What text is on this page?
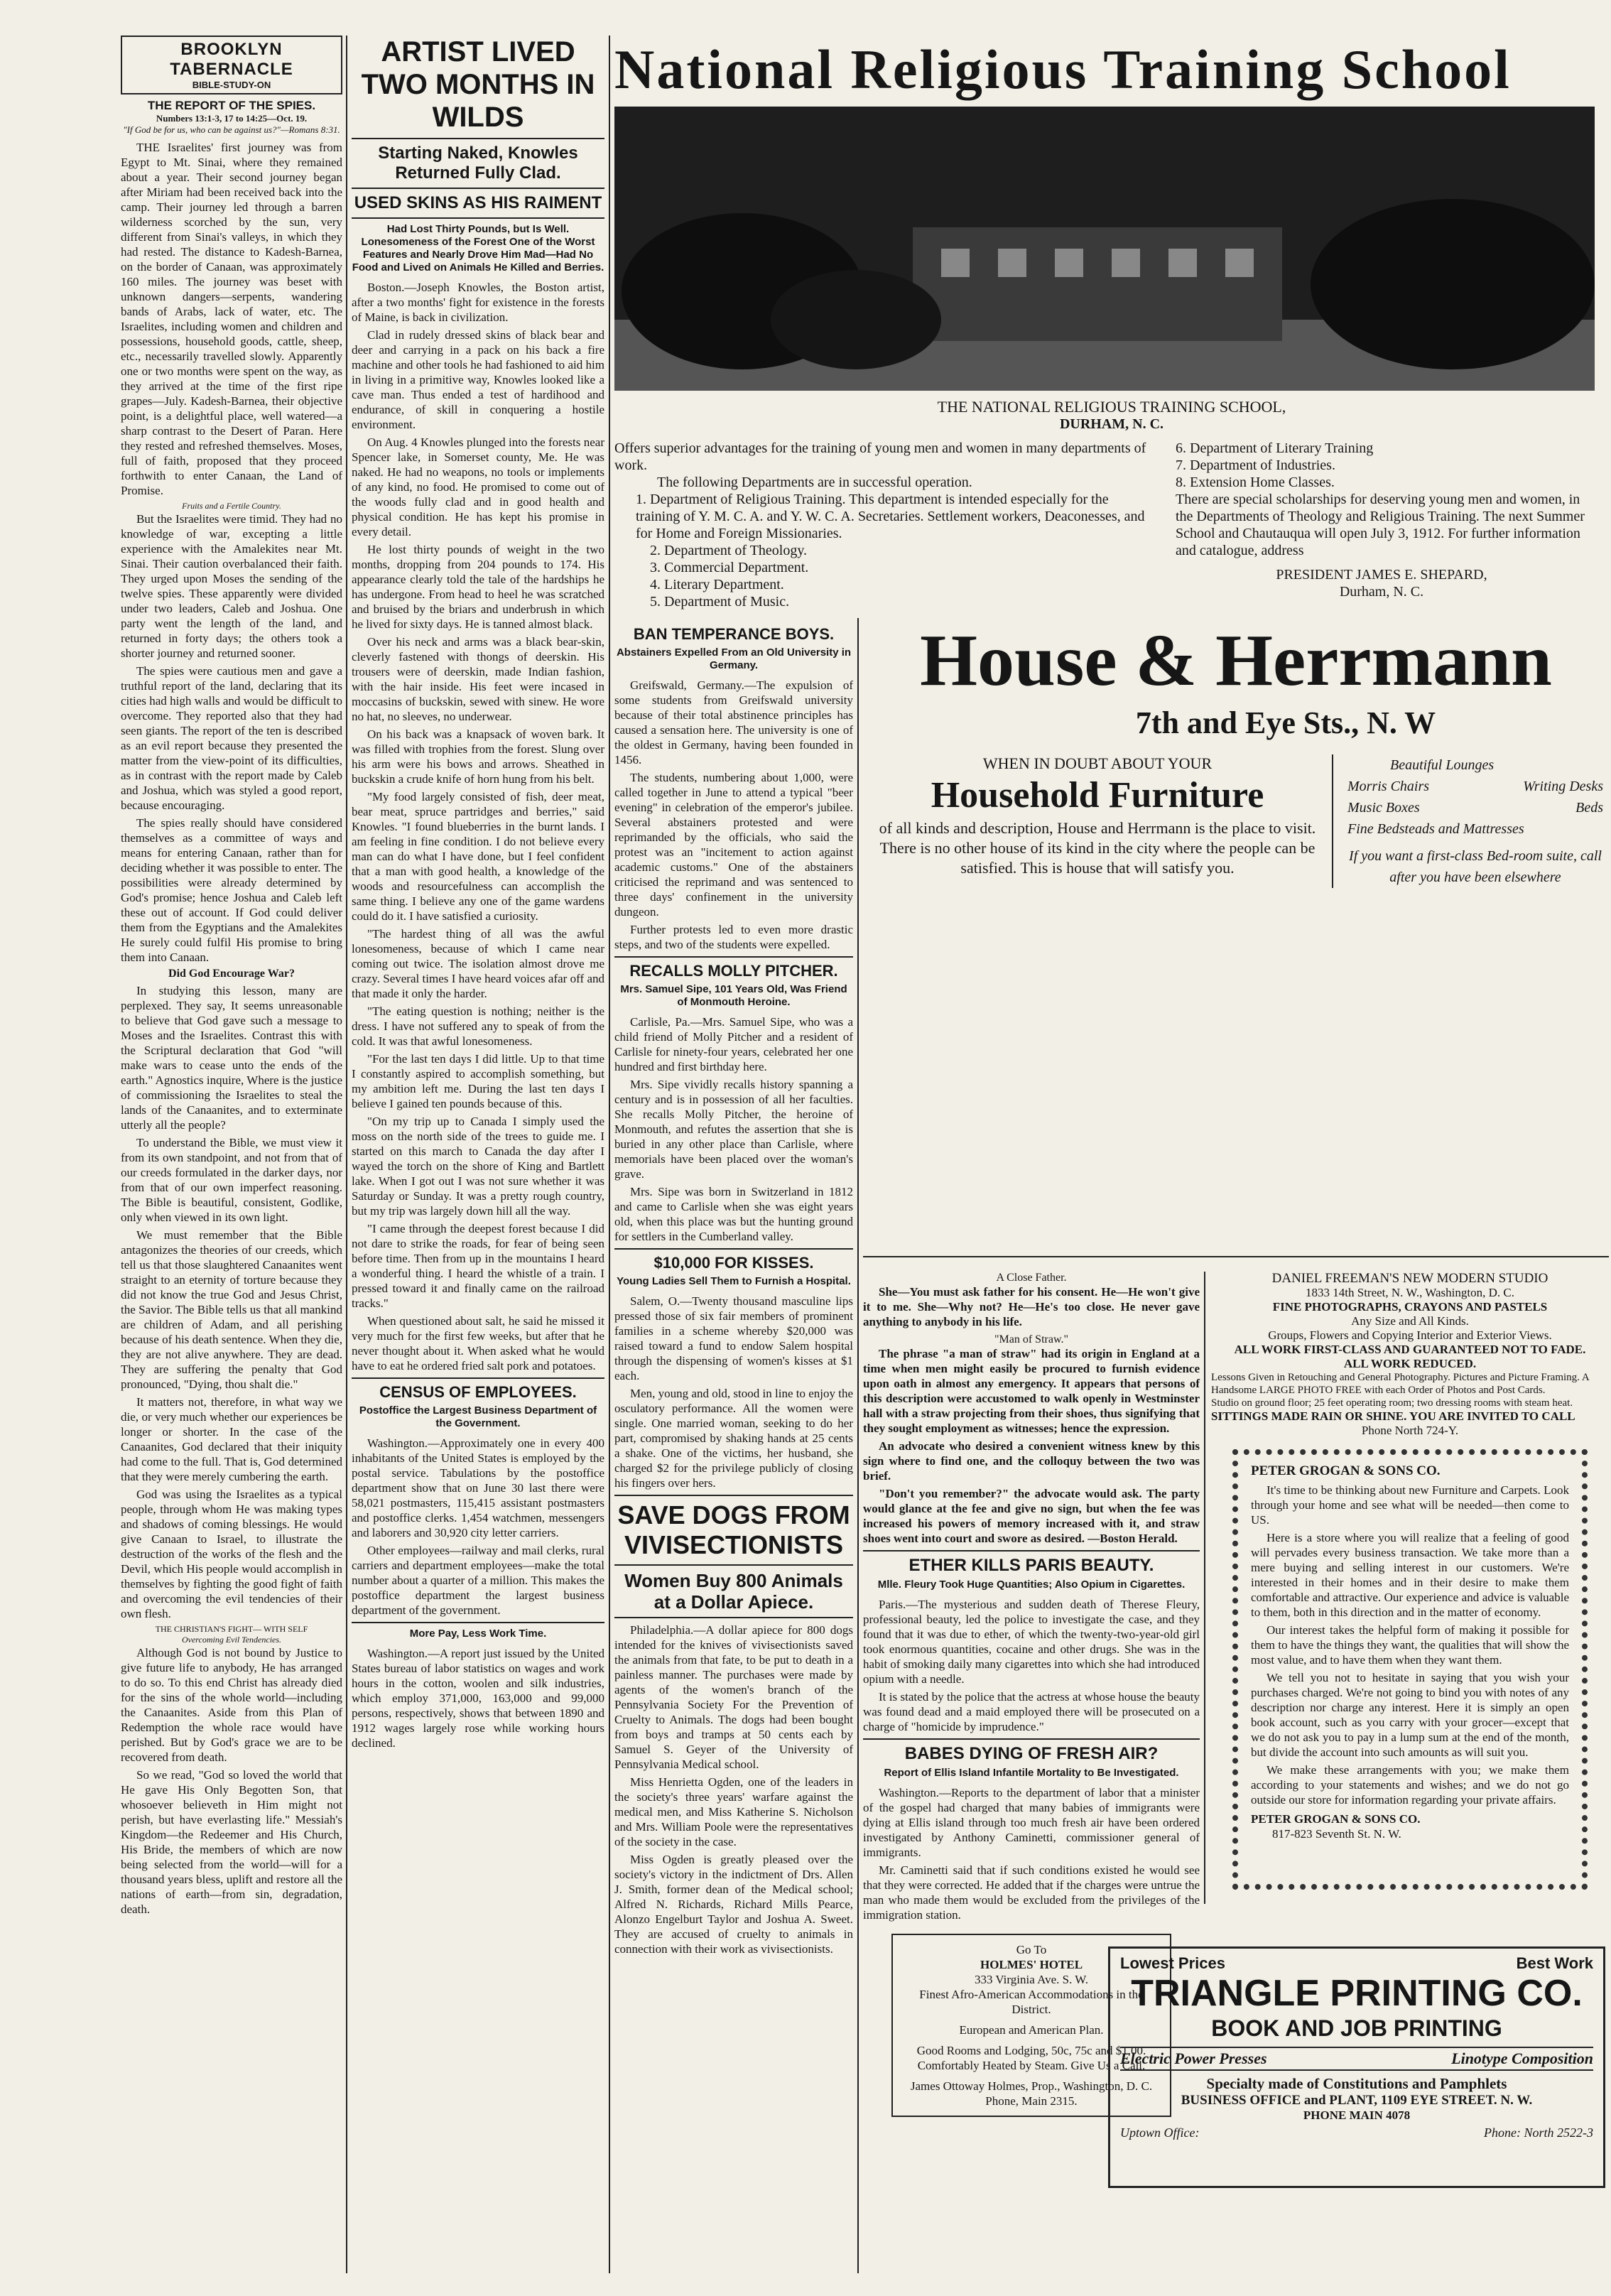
BROOKLYN TABERNACLE
BIBLE-STUDY-ON
THE REPORT OF THE SPIES.
Numbers 13:1-3, 17 to 14:25—Oct. 19.
"If God be for us, who can be against us?"—Romans 8:31.

THE Israelites' first journey was from Egypt to Mt. Sinai, where they remained about a year. Their second journey began after Miriam had been received back into the camp. Their journey led through a barren wilderness scorched by the sun, very different from Sinai's valleys, in which they had rested. The distance to Kadesh-Barnea, on the border of Canaan, was approximately 160 miles. The journey was beset with unknown dangers—serpents, wandering bands of Arabs, lack of water, etc. The Israelites, including women and children and possessions, household goods, cattle, sheep, etc., necessarily travelled slowly. Apparently one or two months were spent on the way, as they arrived at the time of the first ripe grapes—July. Kadesh-Barnea, their objective point, is a delightful place, well watered—a sharp contrast to the Desert of Paran. Here they rested and refreshed themselves. Moses, full of faith, proposed that they proceed forthwith to enter Canaan, the Land of Promise.

Fruits and a Fertile Country.

But the Israelites were timid. They had no knowledge of war, excepting a little experience with the Amalekites near Mt. Sinai. Their caution overbalanced their faith. They urged upon Moses the sending of the twelve spies. These apparently were divided under two leaders, Caleb and Joshua. One party went the length of the land, and returned in forty days; the others took a shorter journey and returned sooner.

The spies were cautious men and gave a truthful report of the land, declaring that its cities had high walls and would be difficult to overcome. They reported also that they had seen giants. The report of the ten is described as an evil report because they presented the matter from the view-point of its difficulties, as in contrast with the report made by Caleb and Joshua, which was styled a good report, because encouraging.

The spies really should have considered themselves as a committee of ways and means for entering Canaan, rather than for deciding whether it was possible to enter. The possibilities were already determined by God's promise; hence Joshua and Caleb left these out of account. If God could deliver them from the Egyptians and the Amalekites He surely could fulfil His promise to bring them into Canaan.

Did God Encourage War?

In studying this lesson, many are perplexed. They say, It seems unreasonable to believe that God gave such a message to Moses and the Israelites. Contrast this with the Scriptural declaration that God "will make wars to cease unto the ends of the earth." Agnostics inquire, Where is the justice of commissioning the Israelites to steal the lands of the Canaanites, and to exterminate utterly all the people?

To understand the Bible, we must view it from its own standpoint, and not from that of our creeds formulated in the darker days, nor from that of our own imperfect reasoning. The Bible is beautiful, consistent, Godlike, only when viewed in its own light.

We must remember that the Bible antagonizes the theories of our creeds, which tell us that those slaughtered Canaanites went straight to an eternity of torture because they did not know the true God and Jesus Christ, the Savior. The Bible tells us that all mankind are children of Adam, and all perishing because of his death sentence. When they die, they are not alive anywhere. They are dead. They are suffering the penalty that God pronounced, "Dying, thou shalt die."

It matters not, therefore, in what way we die, or very much whether our experiences be longer or shorter. In the case of the Canaanites, God declared that their iniquity had come to the full. That is, God determined that they were merely cumbering the earth.

God was using the Israelites as a typical people, through whom He was making types and shadows of coming blessings. He would give Canaan to Israel, to illustrate the destruction of the works of the flesh and the Devil, which His people would accomplish in themselves by fighting the good fight of faith and overcoming the evil tendencies of their own flesh.

THE CHRISTIAN'S FIGHT— WITH SELF
Overcoming Evil Tendencies.

Although God is not bound by Justice to give future life to anybody, He has arranged to do so. To this end Christ has already died for the sins of the whole world—including the Canaanites. Aside from this Plan of Redemption the whole race would have perished. But by God's grace we are to be recovered from death.

So we read, "God so loved the world that He gave His Only Begotten Son, that whosoever believeth in Him might not perish, but have everlasting life." Messiah's Kingdom—the Redeemer and His Church, His Bride, the members of which are now being selected from the world—will for a thousand years bless, uplift and restore all the nations of earth—from sin, degradation, death.

ARTIST LIVED TWO MONTHS IN WILDS
Starting Naked, Knowles Returned Fully Clad.
USED SKINS AS HIS RAIMENT
Had Lost Thirty Pounds, but Is Well. Lonesomeness of the Forest One of the Worst Features and Nearly Drove Him Mad—Had No Food and Lived on Animals He Killed and Berries.

Boston.—Joseph Knowles, the Boston artist, after a two months' fight for existence in the forests of Maine, is back in civilization.

Clad in rudely dressed skins of black bear and deer and carrying in a pack on his back a fire machine and other tools he had fashioned to aid him in living in a primitive way, Knowles looked like a cave man. Thus ended a test of hardihood and endurance, of skill in conquering a hostile environment.

On Aug. 4 Knowles plunged into the forests near Spencer lake, in Somerset county, Me. He was naked. He had no weapons, no tools or implements of any kind, no food. He promised to come out of the woods fully clad and in good health and physical condition. He has kept his promise in every detail.

He lost thirty pounds of weight in the two months, dropping from 204 pounds to 174. His appearance clearly told the tale of the hardships he has undergone. From head to heel he was scratched and bruised by the briars and underbrush in which he lived for sixty days. He is tanned almost black.

Over his neck and arms was a black bear-skin, cleverly fastened with thongs of deerskin. His trousers were of deerskin, made Indian fashion, with the hair inside. His feet were incased in moccasins of buckskin, sewed with sinew. He wore no hat, no sleeves, no underwear.

On his back was a knapsack of woven bark. It was filled with trophies from the forest. Slung over his arm were his bows and arrows. Sheathed in buckskin a crude knife of horn hung from his belt.

"My food largely consisted of fish, deer meat, bear meat, spruce partridges and berries," said Knowles. "I found blueberries in the burnt lands. I am feeling in fine condition. I do not believe every man can do what I have done, but I feel confident that a man with good health, a knowledge of the woods and resourcefulness can accomplish the same thing. I believe any one of the game wardens could do it. I have satisfied a curiosity.

"The hardest thing of all was the awful lonesomeness, because of which I came near coming out twice. The isolation almost drove me crazy. Several times I have heard voices afar off and that made it only the harder.

"The eating question is nothing; neither is the dress. I have not suffered any to speak of from the cold. It was that awful lonesomeness.

"For the last ten days I did little. Up to that time I constantly aspired to accomplish something, but my ambition left me. During the last ten days I believe I gained ten pounds because of this.

"On my trip up to Canada I simply used the moss on the north side of the trees to guide me. I started on this march to Canada the day after I wayed the torch on the shore of King and Bartlett lake. When I got out I was not sure whether it was Saturday or Sunday. It was a pretty rough country, but my trip was largely down hill all the way.

"I came through the deepest forest because I did not dare to strike the roads, for fear of being seen before time. Then from up in the mountains I heard a wonderful thing. I heard the whistle of a train. I pressed toward it and finally came on the railroad tracks."

When questioned about salt, he said he missed it very much for the first few weeks, but after that he never thought about it. When asked what he would have to eat he ordered fried salt pork and potatoes.

CENSUS OF EMPLOYEES.
Postoffice the Largest Business Department of the Government.

Washington.—Approximately one in every 400 inhabitants of the United States is employed by the postal service. Tabulations by the postoffice department show that on June 30 last there were 58,021 postmasters, 115,415 assistant postmasters and postoffice clerks. 1,454 watchmen, messengers and laborers and 30,920 city letter carriers.

Other employees—railway and mail clerks, rural carriers and department employees—make the total number about a quarter of a million. This makes the postoffice department the largest business department of the government.

More Pay, Less Work Time.

Washington.—A report just issued by the United States bureau of labor statistics on wages and work hours in the cotton, woolen and silk industries, which employ 371,000, 163,000 and 99,000 persons, respectively, shows that between 1890 and 1912 wages largely rose while working hours declined.

National Religious Training School
THE NATIONAL RELIGIOUS TRAINING SCHOOL,
DURHAM, N. C.
Offers superior advantages for the training of young men and women in many departments of work.
The following Departments are in successful operation.
1. Department of Religious Training. This department is intended especially for the training of Y. M. C. A. and Y. W. C. A. Secretaries. Settlement workers, Deaconesses, and for Home and Foreign Missionaries.
2. Department of Theology.
3. Commercial Department.
4. Literary Department.
5. Department of Music.
6. Department of Literary Training
7. Department of Industries.
8. Extension Home Classes.
There are special scholarships for deserving young men and women, in the Departments of Theology and Religious Training. The next Summer School and Chautauqua will open July 3, 1912. For further information and catalogue, address
PRESIDENT JAMES E. SHEPARD,
Durham, N. C.
BAN TEMPERANCE BOYS.
Abstainers Expelled From an Old University in Germany.

Greifswald, Germany.—The expulsion of some students from Greifswald university because of their total abstinence principles has caused a sensation here. The university is one of the oldest in Germany, having been founded in 1456.

The students, numbering about 1,000, were called together in June to attend a typical "beer evening" in celebration of the emperor's jubilee. Several abstainers protested and were reprimanded by the officials, who said the protest was an "incitement to action against academic customs." One of the abstainers criticised the reprimand and was sentenced to three days' confinement in the university dungeon.

Further protests led to even more drastic steps, and two of the students were expelled.

RECALLS MOLLY PITCHER.
Mrs. Samuel Sipe, 101 Years Old, Was Friend of Monmouth Heroine.

Carlisle, Pa.—Mrs. Samuel Sipe, who was a child friend of Molly Pitcher and a resident of Carlisle for ninety-four years, celebrated her one hundred and first birthday here.

Mrs. Sipe vividly recalls history spanning a century and is in possession of all her faculties. She recalls Molly Pitcher, the heroine of Monmouth, and refutes the assertion that she is buried in any other place than Carlisle, where memorials have been placed over the woman's grave.

Mrs. Sipe was born in Switzerland in 1812 and came to Carlisle when she was eight years old, when this place was but the hunting ground for settlers in the Cumberland valley.

$10,000 FOR KISSES.
Young Ladies Sell Them to Furnish a Hospital.

Salem, O.—Twenty thousand masculine lips pressed those of six fair members of prominent families in a scheme whereby $20,000 was raised toward a fund to endow Salem hospital through the dispensing of women's kisses at $1 each.

Men, young and old, stood in line to enjoy the osculatory performance. All the women were single. One married woman, seeking to do her part, compromised by shaking hands at 25 cents a shake. One of the victims, her husband, she charged $2 for the privilege publicly of closing his fingers over hers.

SAVE DOGS FROM VIVISECTIONISTS
Women Buy 800 Animals at a Dollar Apiece.

Philadelphia.—A dollar apiece for 800 dogs intended for the knives of vivisectionists saved the animals from that fate, to be put to death in a painless manner. The purchases were made by agents of the women's branch of the Pennsylvania Society For the Prevention of Cruelty to Animals. The dogs had been bought from boys and tramps at 50 cents each by Samuel S. Geyer of the University of Pennsylvania Medical school.

Miss Henrietta Ogden, one of the leaders in the society's three years' warfare against the medical men, and Miss Katherine S. Nicholson and Mrs. William Poole were the representatives of the society in the case.

Miss Ogden is greatly pleased over the society's victory in the indictment of Drs. Allen J. Smith, former dean of the Medical school; Alfred N. Richards, Richard Mills Pearce, Alonzo Engelburt Taylor and Joshua A. Sweet. They are accused of cruelty to animals in connection with their work as vivisectionists.

House & Herrmann
7th and Eye Sts., N. W
WHEN IN DOUBT ABOUT YOUR
Household Furniture
of all kinds and description, House and Herrmann is the place to visit. There is no other house of its kind in the city where the people can be satisfied. This is house that will satisfy you.
Beautiful Lounges
Morris Chairs	Writing Desks
Music Boxes	Beds
Fine Bedsteads and Mattresses
If you want a first-class Bed-room suite, call after you have been elsewhere
A Close Father.

She—You must ask father for his consent. He—He won't give it to me. She—Why not? He—He's too close. He never gave anything to anybody in his life.

"Man of Straw."

The phrase "a man of straw" had its origin in England at a time when men might easily be procured to furnish evidence upon oath in almost any emergency. It appears that persons of this description were accustomed to walk openly in Westminster hall with a straw projecting from their shoes, thus signifying that they sought employment as witnesses; hence the expression.

An advocate who desired a convenient witness knew by this sign where to find one, and the colloquy between the two was brief.

"Don't you remember?" the advocate would ask. The party would glance at the fee and give no sign, but when the fee was increased his powers of memory increased with it, and straw shoes went into court and swore as desired. —Boston Herald.

ETHER KILLS PARIS BEAUTY.
Mlle. Fleury Took Huge Quantities; Also Opium in Cigarettes.

Paris.—The mysterious and sudden death of Therese Fleury, professional beauty, led the police to investigate the case, and they found that it was due to ether, of which the twenty-two-year-old girl took enormous quantities, cocaine and other drugs. She was in the habit of smoking daily many cigarettes into which she had introduced opium with a needle.

It is stated by the police that the actress at whose house the beauty was found dead and a maid employed there will be prosecuted on a charge of "homicide by imprudence."

BABES DYING OF FRESH AIR?
Report of Ellis Island Infantile Mortality to Be Investigated.

Washington.—Reports to the department of labor that a minister of the gospel had charged that many babies of immigrants were dying at Ellis island through too much fresh air have been ordered investigated by Anthony Caminetti, commissioner general of immigrants.

Mr. Caminetti said that if such conditions existed he would see that they were corrected. He added that if the charges were untrue the man who made them would be excluded from the privileges of the immigration station.

Go To
HOLMES' HOTEL
333 Virginia Ave. S. W.
Finest Afro-American Accommodations in the District.
European and American Plan.
Good Rooms and Lodging, 50c, 75c and $1.00. Comfortably Heated by Steam. Give Us a Call.
James Ottoway Holmes, Prop., Washington, D. C.
Phone, Main 2315.
DANIEL FREEMAN'S NEW MODERN STUDIO
1833 14th Street, N. W., Washington, D. C.
FINE PHOTOGRAPHS, CRAYONS AND PASTELS
Any Size and All Kinds.
Groups, Flowers and Copying Interior and Exterior Views.
ALL WORK FIRST-CLASS AND GUARANTEED NOT TO FADE.
ALL WORK REDUCED.
Lessons Given in Retouching and General Photography. Pictures and Picture Framing. A Handsome LARGE PHOTO FREE with each Order of Photos and Post Cards.
Studio on ground floor; 25 feet operating room; two dressing rooms with steam heat.
SITTINGS MADE RAIN OR SHINE. YOU ARE INVITED TO CALL
Phone North 724-Y.
PETER GROGAN & SONS CO.

It's time to be thinking about new Furniture and Carpets. Look through your home and see what will be needed—then come to US.

Here is a store where you will realize that a feeling of good will pervades every business transaction. We take more than a mere buying and selling interest in our customers. We're interested in their homes and in their desire to make them comfortable and attractive. Our experience and advice is valuable to them, both in this direction and in the matter of economy.

Our interest takes the helpful form of making it possible for them to have the things they want, the qualities that will show the most value, and to have them when they want them.

We tell you not to hesitate in saying that you wish your purchases charged. We're not going to bind you with notes of any description nor charge any interest. Here it is simply an open book account, such as you carry with your grocer—except that we do not ask you to pay in a lump sum at the end of the month, but divide the account into such amounts as will suit you.

We make these arrangements with you; we make them according to your statements and wishes; and we do not go outside our store for information regarding your private affairs.

PETER GROGAN & SONS CO.
817-823 Seventh St. N. W.
Lowest Prices	Best Work
TRIANGLE PRINTING CO.
BOOK AND JOB PRINTING
Electric Power Presses	Linotype Composition
Specialty made of Constitutions and Pamphlets
BUSINESS OFFICE and PLANT, 1109 EYE STREET. N. W.
PHONE MAIN 4078
Uptown Office:	Phone: North 2522-3
